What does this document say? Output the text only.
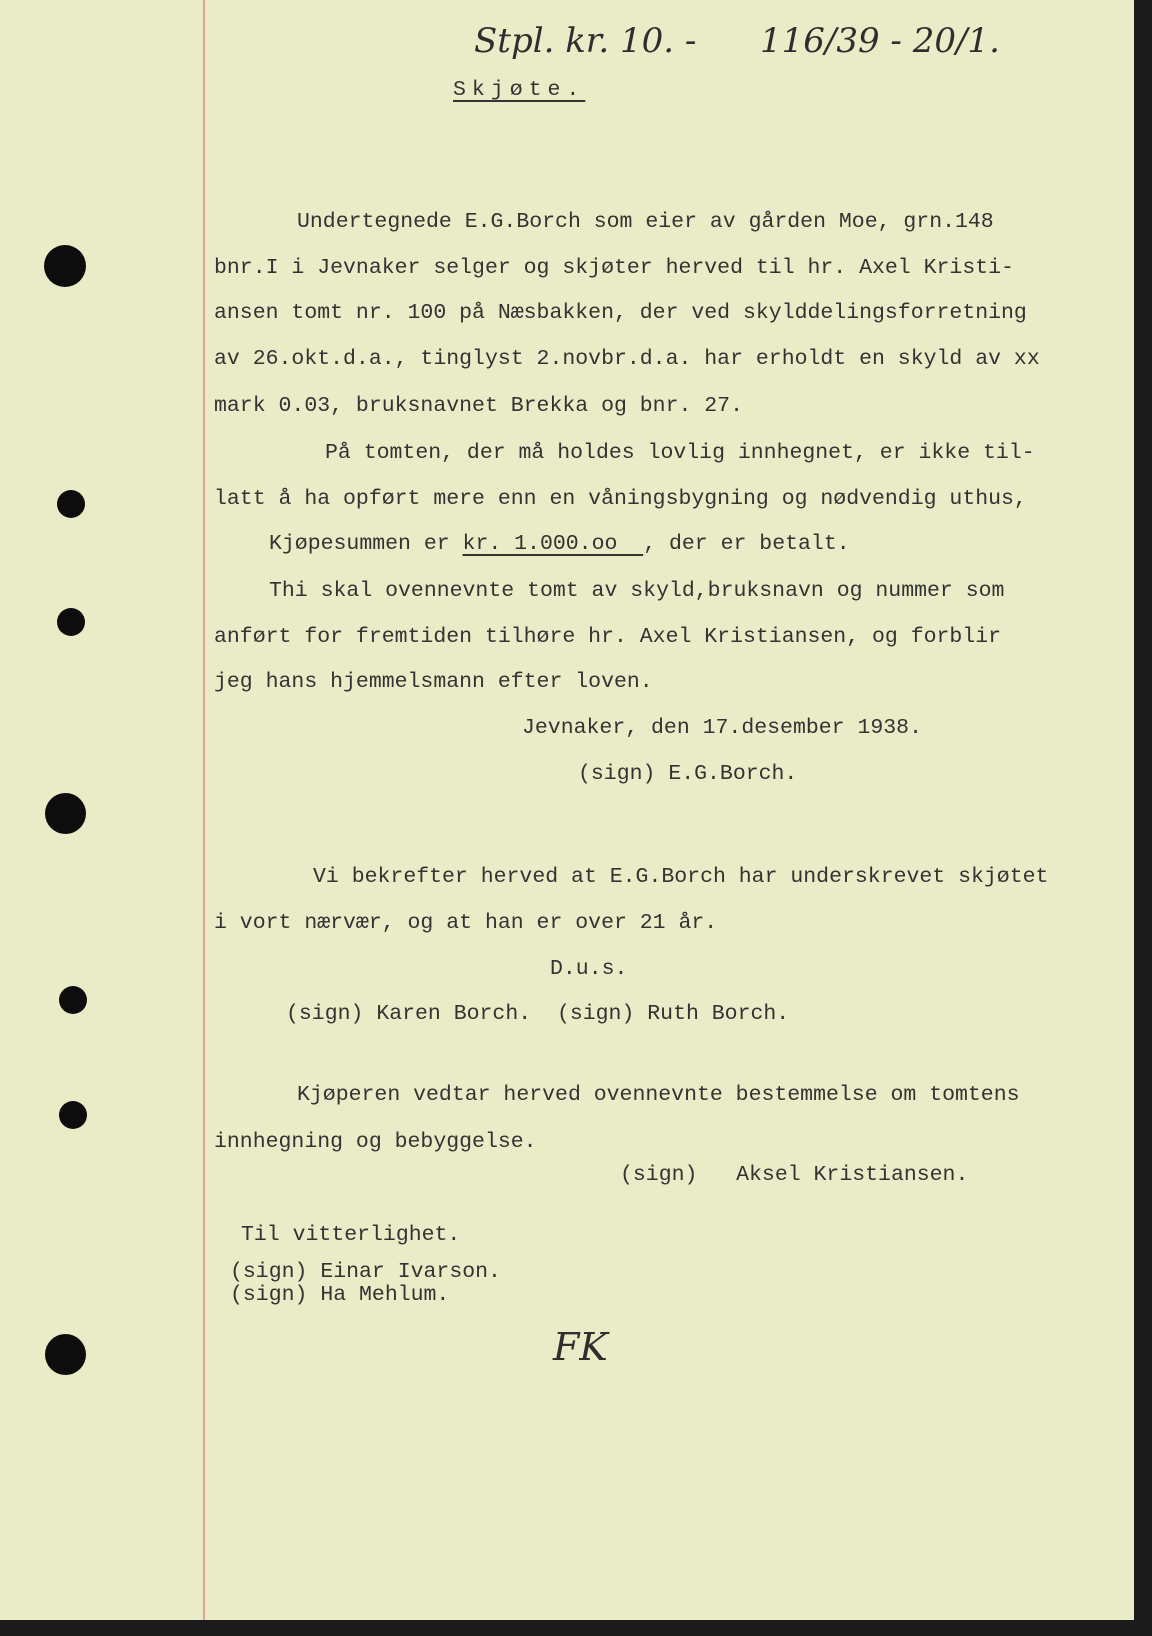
Stpl. kr. 10. - 116/39 - 20/1.
Skjøte.
Undertegnede E.G.Borch som eier av gården Moe, grn.148
bnr.I i Jevnaker selger og skjøter herved til hr. Axel Kristi-
ansen tomt nr. 100 på Næsbakken, der ved skylddelingsforretning
av 26.okt.d.a., tinglyst 2.novbr.d.a. har erholdt en skyld av xx
mark 0.03, bruksnavnet Brekka og bnr. 27.
På tomten, der må holdes lovlig innhegnet, er ikke til-
latt å ha opført mere enn en våningsbygning og nødvendig uthus,
Kjøpesummen er kr. 1.000.oo  , der er betalt.
Thi skal ovennevnte tomt av skyld,bruksnavn og nummer som
anført for fremtiden tilhøre hr. Axel Kristiansen, og forblir
jeg hans hjemmelsmann efter loven.
Jevnaker, den 17.desember 1938.
(sign) E.G.Borch.
Vi bekrefter herved at E.G.Borch har underskrevet skjøtet
i vort nærvær, og at han er over 21 år.
D.u.s.
(sign) Karen Borch.  (sign) Ruth Borch.
Kjøperen vedtar herved ovennevnte bestemmelse om tomtens
innhegning og bebyggelse.
(sign)   Aksel Kristiansen.
Til vitterlighet.
(sign) Einar Ivarson.
(sign) Ha Mehlum.
FK
